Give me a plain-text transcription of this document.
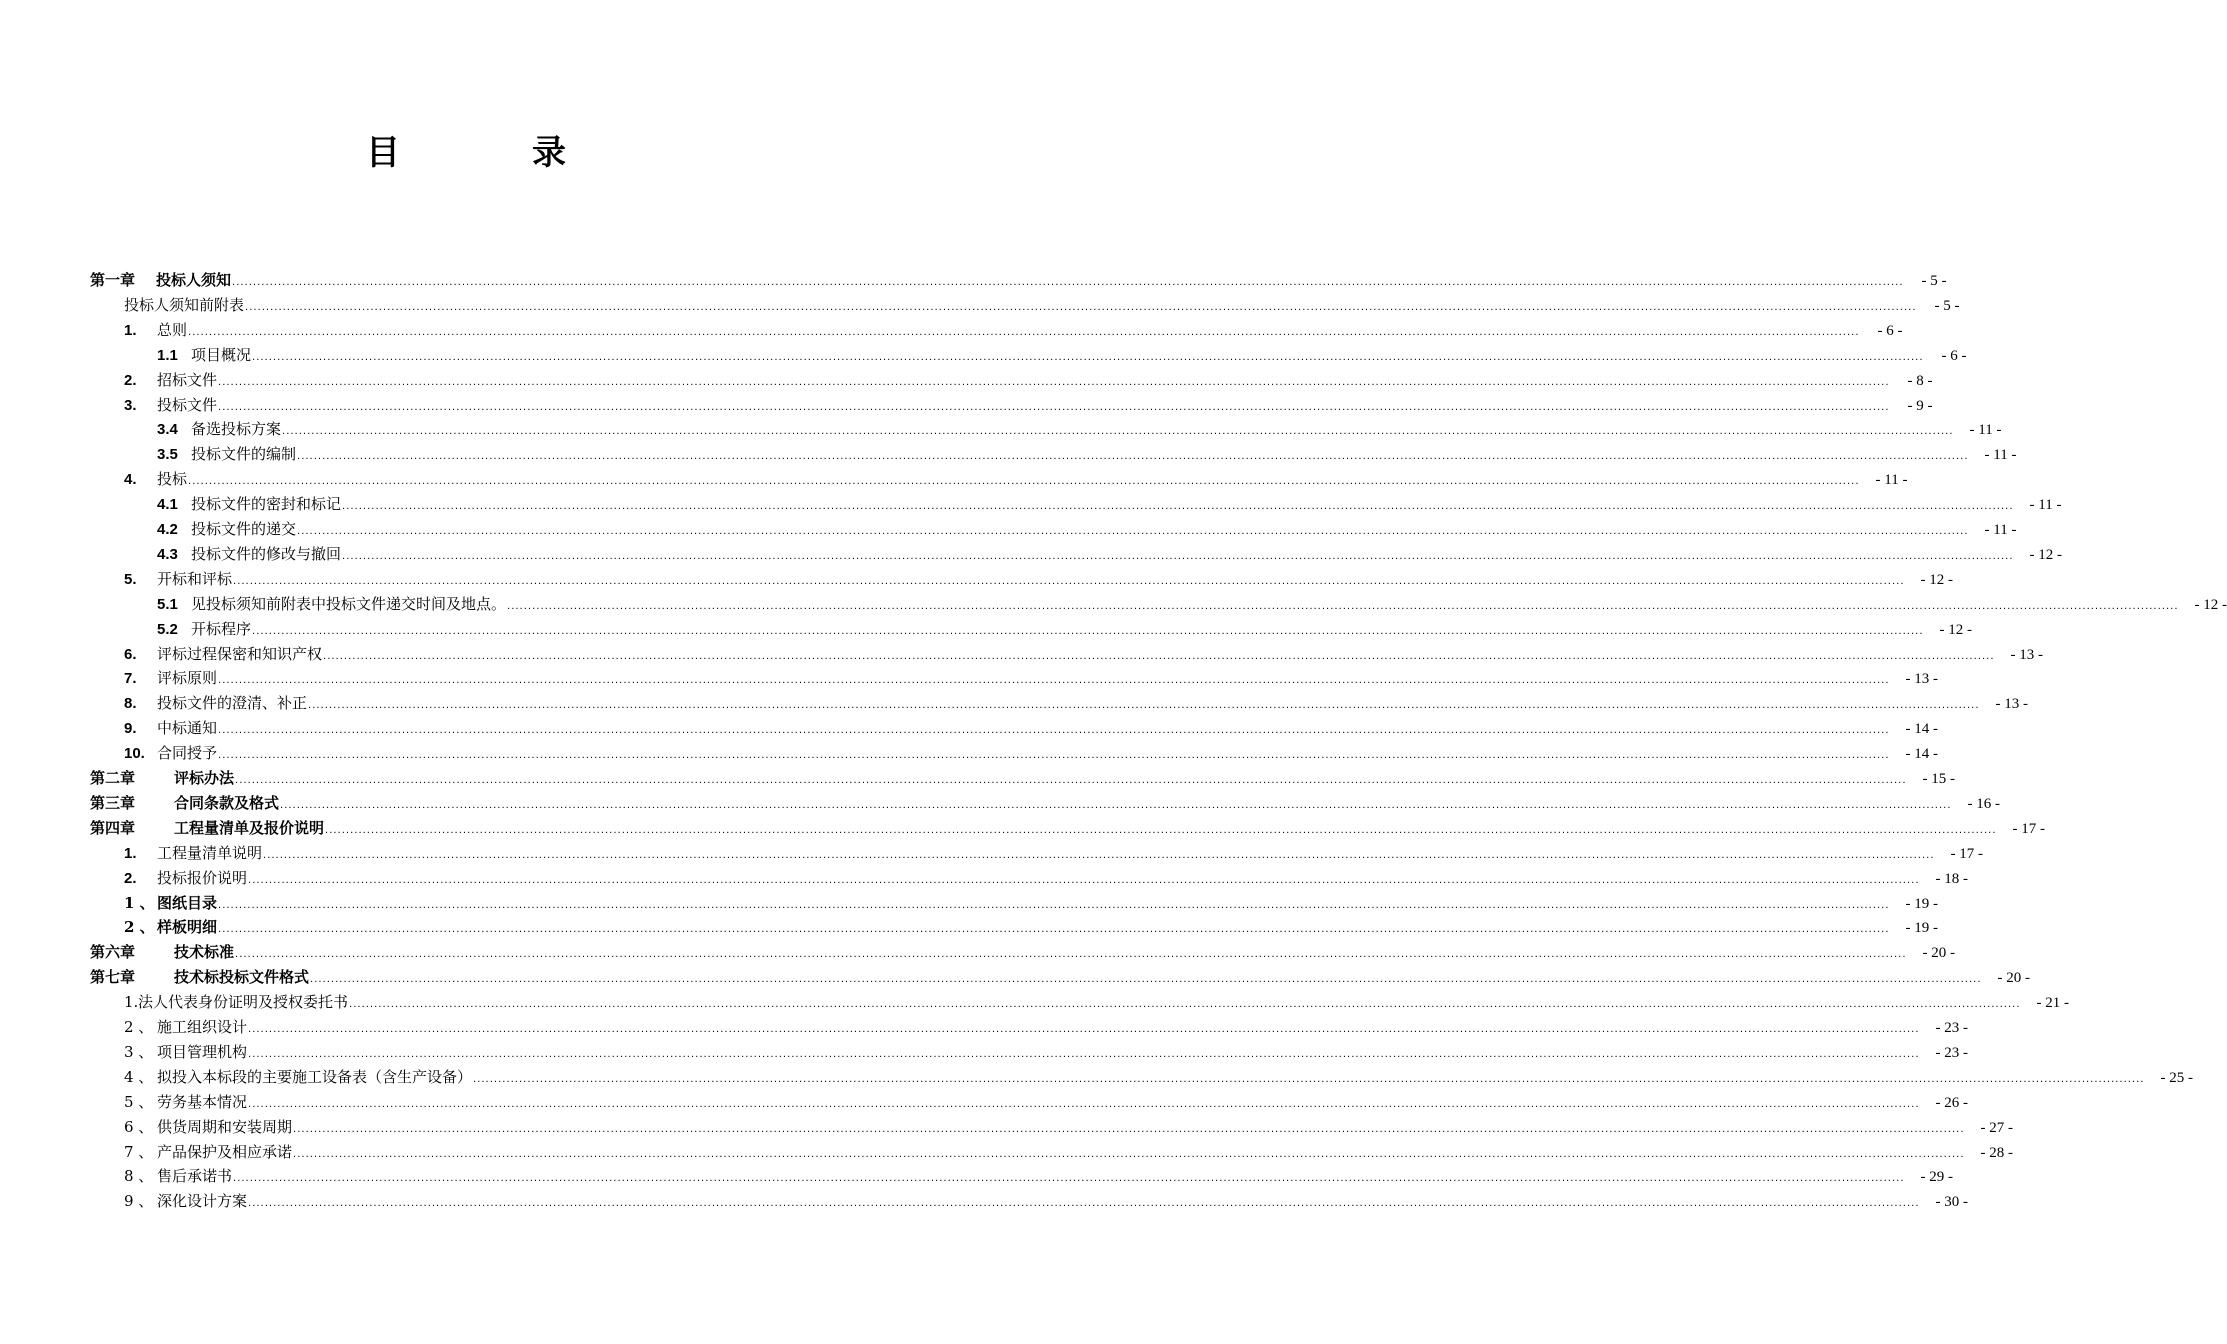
目	录
第一章	投标人须知 ................................................................................................................................................................................................................................................................................................................................................................................................................ - 5 -
投标人须知前附表 ................................................................................................................................................................................................................................................................................................................................................................................................................ - 5 -
1.	总则 ................................................................................................................................................................................................................................................................................................................................................................................................................ - 6 -
1.1 项目概况 ................................................................................................................................................................................................................................................................................................................................................................................................................ - 6 -
2.	招标文件 ................................................................................................................................................................................................................................................................................................................................................................................................................ - 8 -
3.	投标文件 ................................................................................................................................................................................................................................................................................................................................................................................................................ - 9 -
3.4 备选投标方案 ................................................................................................................................................................................................................................................................................................................................................................................................................ - 11 -
3.5 投标文件的编制 ................................................................................................................................................................................................................................................................................................................................................................................................................ - 11 -
4.	投标 ................................................................................................................................................................................................................................................................................................................................................................................................................ - 11 -
4.1 投标文件的密封和标记 ................................................................................................................................................................................................................................................................................................................................................................................................................ - 11 -
4.2 投标文件的递交 ................................................................................................................................................................................................................................................................................................................................................................................................................ - 11 -
4.3 投标文件的修改与撤回 ................................................................................................................................................................................................................................................................................................................................................................................................................ - 12 -
5.	开标和评标 ................................................................................................................................................................................................................................................................................................................................................................................................................ - 12 -
5.1 见投标须知前附表中投标文件递交时间及地点。 ................................................................................................................................................................................................................................................................................................................................................................................................................ - 12 -
5.2 开标程序 ................................................................................................................................................................................................................................................................................................................................................................................................................ - 12 -
6.	评标过程保密和知识产权 ................................................................................................................................................................................................................................................................................................................................................................................................................ - 13 -
7.	评标原则 ................................................................................................................................................................................................................................................................................................................................................................................................................ - 13 -
8.	投标文件的澄清、补正 ................................................................................................................................................................................................................................................................................................................................................................................................................ - 13 -
9.	中标通知 ................................................................................................................................................................................................................................................................................................................................................................................................................ - 14 -
10. 合同授予 ................................................................................................................................................................................................................................................................................................................................................................................................................ - 14 -
第二章	评标办法 ................................................................................................................................................................................................................................................................................................................................................................................................................ - 15 -
第三章	合同条款及格式 ................................................................................................................................................................................................................................................................................................................................................................................................................ - 16 -
第四章	工程量清单及报价说明 ................................................................................................................................................................................................................................................................................................................................................................................................................ - 17 -
1.	工程量清单说明 ................................................................................................................................................................................................................................................................................................................................................................................................................ - 17 -
2.	投标报价说明 ................................................................................................................................................................................................................................................................................................................................................................................................................ - 18 -
1 、 图纸目录 ................................................................................................................................................................................................................................................................................................................................................................................................................ - 19 -
2 、 样板明细 ................................................................................................................................................................................................................................................................................................................................................................................................................ - 19 -
第六章	技术标准 ................................................................................................................................................................................................................................................................................................................................................................................................................ - 20 -
第七章	技术标投标文件格式 ................................................................................................................................................................................................................................................................................................................................................................................................................ - 20 -
1. 法人代表身份证明及授权委托书 ................................................................................................................................................................................................................................................................................................................................................................................................................ - 21 -
2 、 施工组织设计 ................................................................................................................................................................................................................................................................................................................................................................................................................ - 23 -
3 、 项目管理机构 ................................................................................................................................................................................................................................................................................................................................................................................................................ - 23 -
4 、 拟投入本标段的主要施工设备表（含生产设备） ................................................................................................................................................................................................................................................................................................................................................................................................................ - 25 -
5 、 劳务基本情况 ................................................................................................................................................................................................................................................................................................................................................................................................................ - 26 -
6 、 供货周期和安装周期 ................................................................................................................................................................................................................................................................................................................................................................................................................ - 27 -
7 、 产品保护及相应承诺 ................................................................................................................................................................................................................................................................................................................................................................................................................ - 28 -
8 、 售后承诺书 ................................................................................................................................................................................................................................................................................................................................................................................................................ - 29 -
9 、 深化设计方案 ................................................................................................................................................................................................................................................................................................................................................................................................................ - 30 -
